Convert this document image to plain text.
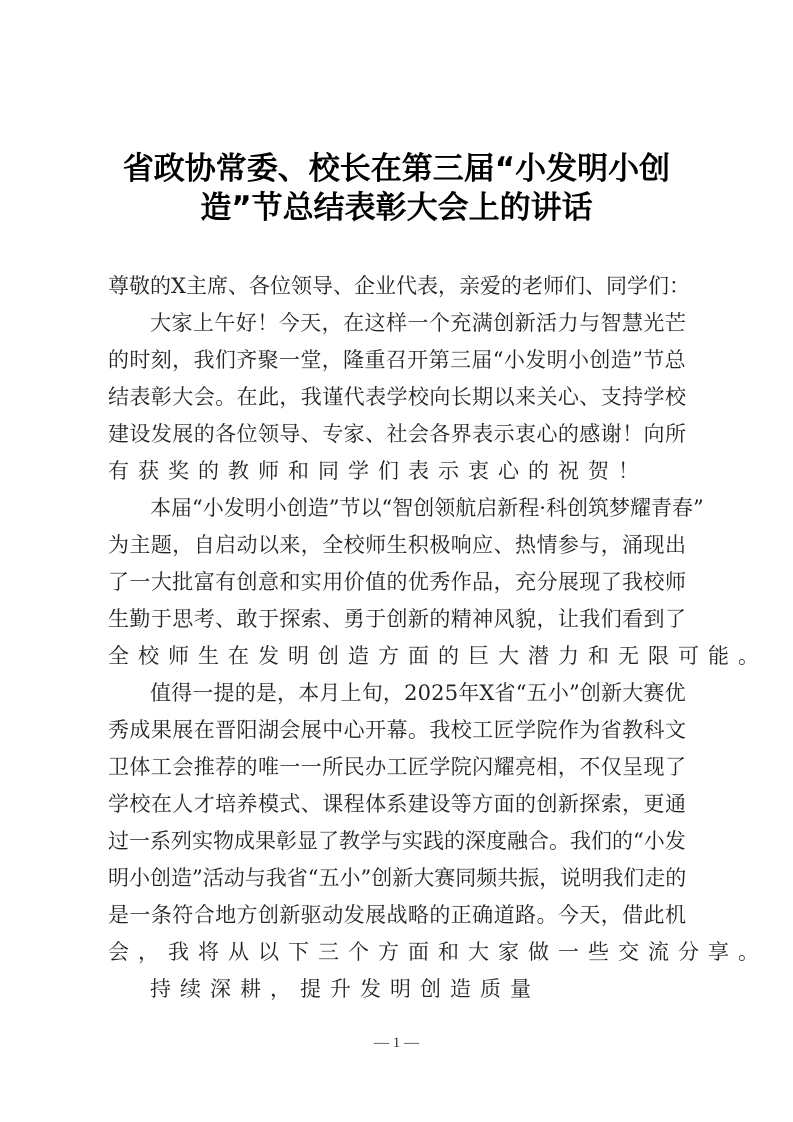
省政协常委、校长在第三届“小发明小创
造”节总结表彰大会上的讲话
尊 敬 的 X 主 席 、 各 位 领 导 、 企 业 代 表 ， 亲 爱 的 老 师 们 、 同 学 们 ：
大 家 上 午 好 ！ 今 天 ， 在 这 样 一 个 充 满 创 新 活 力 与 智 慧 光 芒
的 时 刻 ， 我 们 齐 聚 一 堂 ， 隆 重 召 开 第 三 届 “ 小 发 明 小 创 造 ” 节 总
结 表 彰 大 会 。 在 此 ， 我 谨 代 表 学 校 向 长 期 以 来 关 心 、 支 持 学 校
建 设 发 展 的 各 位 领 导 、 专 家 、 社 会 各 界 表 示 衷 心 的 感 谢 ！ 向 所
有获奖的教师和同学们表示衷心的祝贺！
本 届 “ 小 发 明 小 创 造 ” 节 以 “ 智 创 领 航 启 新 程 · 科 创 筑 梦 耀 青 春 ”
为 主 题 ， 自 启 动 以 来 ， 全 校 师 生 积 极 响 应 、 热 情 参 与 ， 涌 现 出
了 一 大 批 富 有 创 意 和 实 用 价 值 的 优 秀 作 品 ， 充 分 展 现 了 我 校 师
生 勤 于 思 考 、 敢 于 探 索 、 勇 于 创 新 的 精 神 风 貌 ， 让 我 们 看 到 了
全校师生在发明创造方面的巨大潜力和无限可能。
值 得 一 提 的 是 ， 本 月 上 旬 ， 2 0 2 5 年 X 省 “ 五 小 ” 创 新 大 赛 优
秀 成 果 展 在 晋 阳 湖 会 展 中 心 开 幕 。 我 校 工 匠 学 院 作 为 省 教 科 文
卫 体 工 会 推 荐 的 唯 一 一 所 民 办 工 匠 学 院 闪 耀 亮 相 ， 不 仅 呈 现 了
学 校 在 人 才 培 养 模 式 、 课 程 体 系 建 设 等 方 面 的 创 新 探 索 ， 更 通
过 一 系 列 实 物 成 果 彰 显 了 教 学 与 实 践 的 深 度 融 合 。 我 们 的 “ 小 发
明 小 创 造 ” 活 动 与 我 省 “ 五 小 ” 创 新 大 赛 同 频 共 振 ， 说 明 我 们 走 的
是 一 条 符 合 地 方 创 新 驱 动 发 展 战 略 的 正 确 道 路 。 今 天 ， 借 此 机
会，我将从以下三个方面和大家做一些交流分享。
持续深耕，提升发明创造质量
— 1 —
